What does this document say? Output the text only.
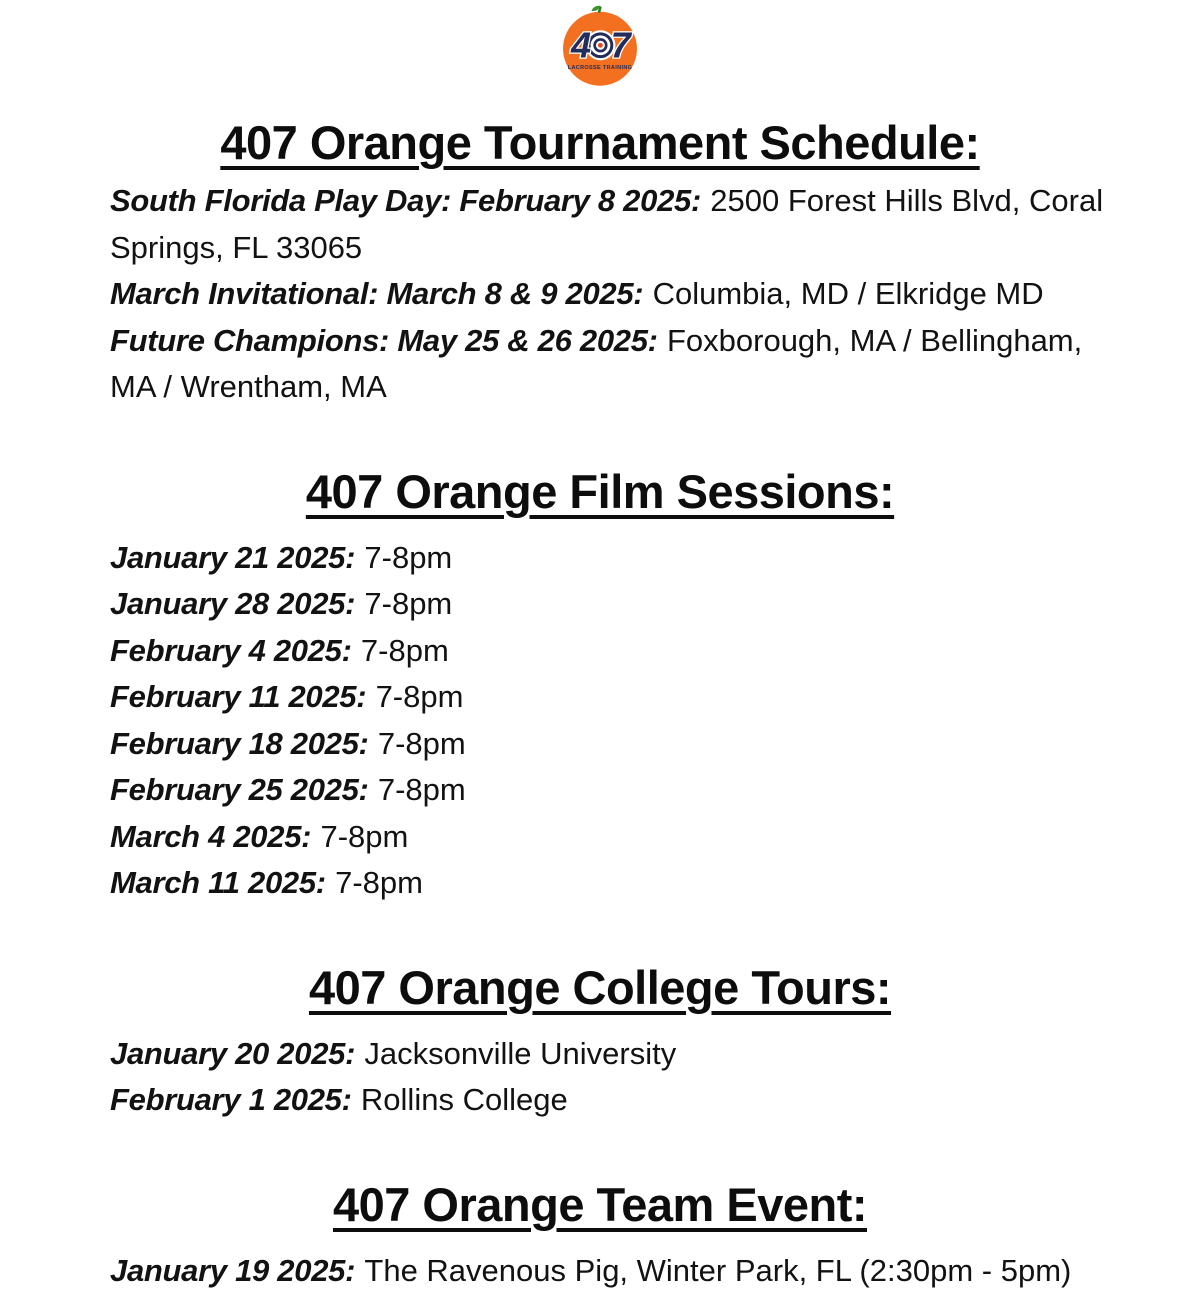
4 7
LACROSSE TRAINING
407 Orange Tournament Schedule:

South Florida Play Day: February 8 2025: 2500 Forest Hills Blvd, Coral Springs, FL 33065

March Invitational: March 8 & 9 2025: Columbia, MD / Elkridge MD

Future Champions: May 25 & 26 2025: Foxborough, MA / Bellingham, MA / Wrentham, MA

407 Orange Film Sessions:

January 21 2025: 7-8pm

January 28 2025: 7-8pm

February 4 2025: 7-8pm

February 11 2025: 7-8pm

February 18 2025: 7-8pm

February 25 2025: 7-8pm

March 4 2025: 7-8pm

March 11 2025: 7-8pm

407 Orange College Tours:

January 20 2025: Jacksonville University

February 1 2025: Rollins College

407 Orange Team Event:

January 19 2025: The Ravenous Pig, Winter Park, FL (2:30pm - 5pm)
